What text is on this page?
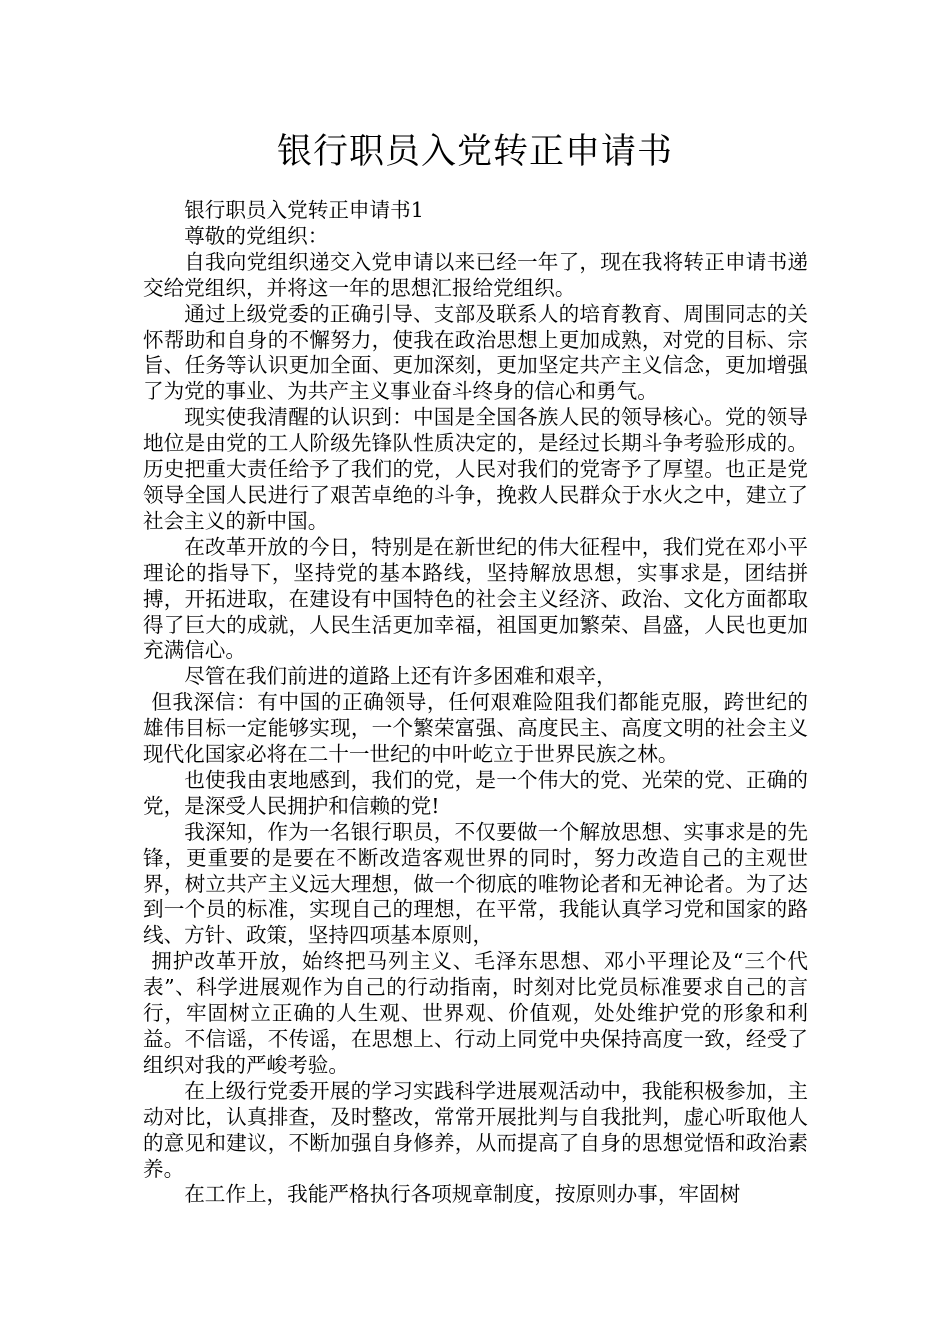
银行职员入党转正申请书

银行职员入党转正申请书1

尊敬的党组织：

自我向党组织递交入党申请以来已经一年了，现在我将转正申请书递交给党组织，并将这一年的思想汇报给党组织。

通过上级党委的正确引导、支部及联系人的培育教育、周围同志的关怀帮助和自身的不懈努力，使我在政治思想上更加成熟，对党的目标、宗旨、任务等认识更加全面、更加深刻，更加坚定共产主义信念，更加增强了为党的事业、为共产主义事业奋斗终身的信心和勇气。

现实使我清醒的认识到：中国是全国各族人民的领导核心。党的领导地位是由党的工人阶级先锋队性质决定的，是经过长期斗争考验形成的。历史把重大责任给予了我们的党，人民对我们的党寄予了厚望。也正是党领导全国人民进行了艰苦卓绝的斗争，挽救人民群众于水火之中，建立了社会主义的新中国。

在改革开放的今日，特别是在新世纪的伟大征程中，我们党在邓小平理论的指导下，坚持党的基本路线，坚持解放思想，实事求是，团结拼搏，开拓进取，在建设有中国特色的社会主义经济、政治、文化方面都取得了巨大的成就，人民生活更加幸福，祖国更加繁荣、昌盛，人民也更加充满信心。

尽管在我们前进的道路上还有许多困难和艰辛，

但我深信：有中国的正确领导，任何艰难险阻我们都能克服，跨世纪的雄伟目标一定能够实现，一个繁荣富强、高度民主、高度文明的社会主义现代化国家必将在二十一世纪的中叶屹立于世界民族之林。

也使我由衷地感到，我们的党，是一个伟大的党、光荣的党、正确的党，是深受人民拥护和信赖的党!

我深知，作为一名银行职员，不仅要做一个解放思想、实事求是的先锋，更重要的是要在不断改造客观世界的同时，努力改造自己的主观世界，树立共产主义远大理想，做一个彻底的唯物论者和无神论者。为了达到一个员的标准，实现自己的理想，在平常，我能认真学习党和国家的路线、方针、政策，坚持四项基本原则，

拥护改革开放，始终把马列主义、毛泽东思想、邓小平理论及“三个代表”、科学进展观作为自己的行动指南，时刻对比党员标准要求自己的言行，牢固树立正确的人生观、世界观、价值观，处处维护党的形象和利益。不信谣，不传谣，在思想上、行动上同党中央保持高度一致，经受了组织对我的严峻考验。

在上级行党委开展的学习实践科学进展观活动中，我能积极参加，主动对比，认真排查，及时整改，常常开展批判与自我批判，虚心听取他人的意见和建议，不断加强自身修养，从而提高了自身的思想觉悟和政治素养。

在工作上，我能严格执行各项规章制度，按原则办事，牢固树
